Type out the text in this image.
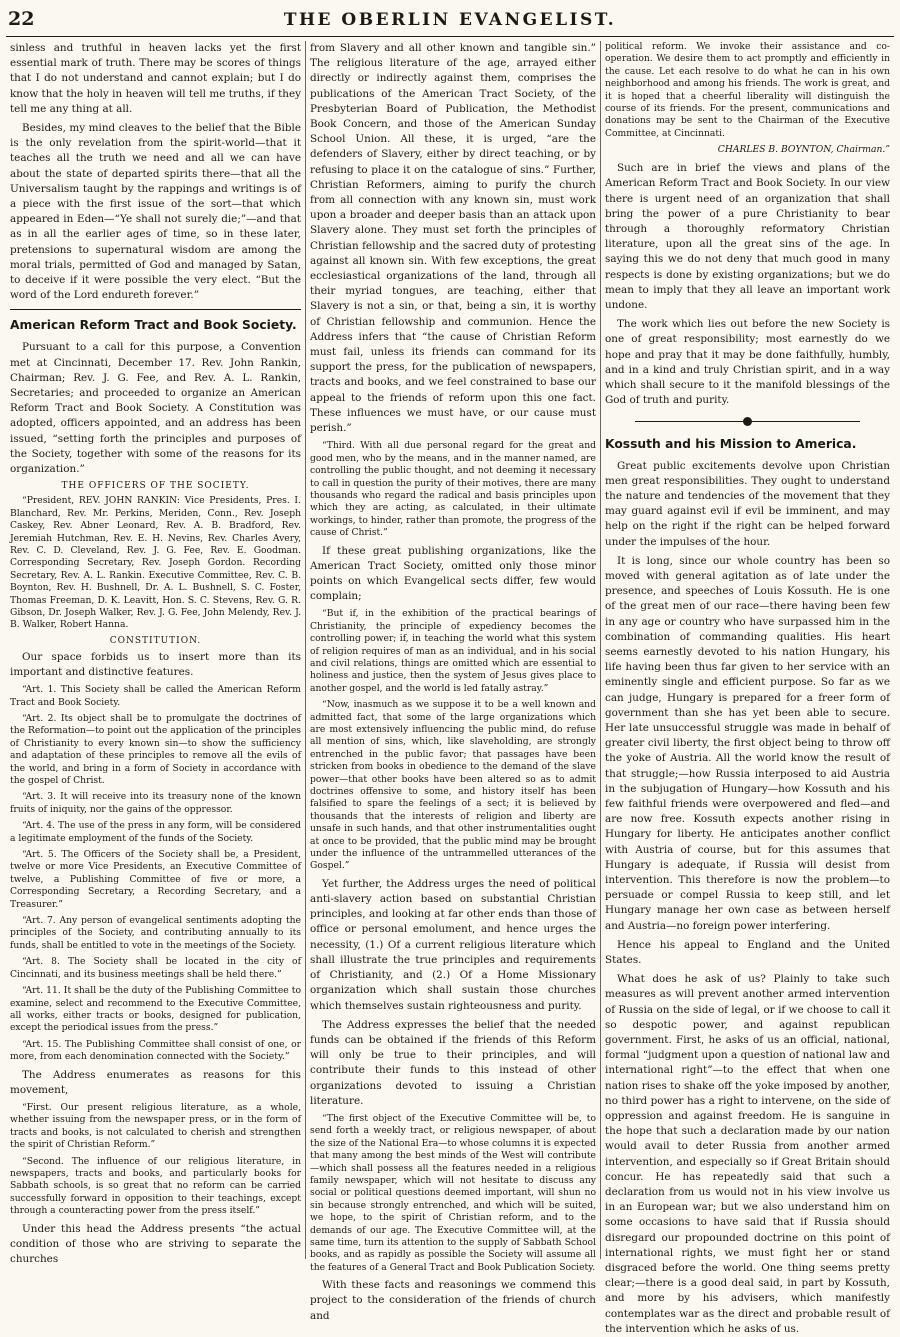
22	THE OBERLIN EVANGELIST.

sinless and truthful in heaven lacks yet the first essential mark of truth. There may be scores of things that I do not understand and cannot explain; but I do know that the holy in heaven will tell me truths, if they tell me any thing at all.

Besides, my mind cleaves to the belief that the Bible is the only revelation from the spirit-world—that it teaches all the truth we need and all we can have about the state of departed spirits there—that all the Universalism taught by the rappings and writings is of a piece with the first issue of the sort—that which appeared in Eden—“Ye shall not surely die;”—and that as in all the earlier ages of time, so in these later, pretensions to supernatural wisdom are among the moral trials, permitted of God and managed by Satan, to deceive if it were possible the very elect. “But the word of the Lord endureth forever.”

American Reform Tract and Book Society.

Pursuant to a call for this purpose, a Convention met at Cincinnati, December 17. Rev. John Rankin, Chairman; Rev. J. G. Fee, and Rev. A. L. Rankin, Secretaries; and proceeded to organize an American Reform Tract and Book Society. A Constitution was adopted, officers appointed, and an address has been issued, “setting forth the principles and purposes of the Society, together with some of the reasons for its organization.”

THE OFFICERS OF THE SOCIETY.

“President, REV. JOHN RANKIN: Vice Presidents, Pres. I. Blanchard, Rev. Mr. Perkins, Meriden, Conn., Rev. Joseph Caskey, Rev. Abner Leonard, Rev. A. B. Bradford, Rev. Jeremiah Hutchman, Rev. E. H. Nevins, Rev. Charles Avery, Rev. C. D. Cleveland, Rev. J. G. Fee, Rev. E. Goodman. Corresponding Secretary, Rev. Joseph Gordon. Recording Secretary, Rev. A. L. Rankin. Executive Committee, Rev. C. B. Boynton, Rev. H. Bushnell, Dr. A. L. Bushnell, S. C. Foster, Thomas Freeman, D. K. Leavitt, Hon. S. C. Stevens, Rev. G. R. Gibson, Dr. Joseph Walker, Rev. J. G. Fee, John Melendy, Rev. J. B. Walker, Robert Hanna.

CONSTITUTION.

Our space forbids us to insert more than its important and distinctive features.

“Art. 1. This Society shall be called the American Reform Tract and Book Society.

“Art. 2. Its object shall be to promulgate the doctrines of the Reformation—to point out the application of the principles of Christianity to every known sin—to show the sufficiency and adaptation of these principles to remove all the evils of the world, and bring in a form of Society in accordance with the gospel of Christ.

“Art. 3. It will receive into its treasury none of the known fruits of iniquity, nor the gains of the oppressor.

“Art. 4. The use of the press in any form, will be considered a legitimate employment of the funds of the Society.

“Art. 5. The Officers of the Society shall be, a President, twelve or more Vice Presidents, an Executive Committee of twelve, a Publishing Committee of five or more, a Corresponding Secretary, a Recording Secretary, and a Treasurer.”

“Art. 7. Any person of evangelical sentiments adopting the principles of the Society, and contributing annually to its funds, shall be entitled to vote in the meetings of the Society.

“Art. 8. The Society shall be located in the city of Cincinnati, and its business meetings shall be held there.”

“Art. 11. It shall be the duty of the Publishing Committee to examine, select and recommend to the Executive Committee, all works, either tracts or books, designed for publication, except the periodical issues from the press.”

“Art. 15. The Publishing Committee shall consist of one, or more, from each denomination connected with the Society.”

The Address enumerates as reasons for this movement,

“First. Our present religious literature, as a whole, whether issuing from the newspaper press, or in the form of tracts and books, is not calculated to cherish and strengthen the spirit of Christian Reform.”

“Second. The influence of our religious literature, in newspapers, tracts and books, and particularly books for Sabbath schools, is so great that no reform can be carried successfully forward in opposition to their teachings, except through a counteracting power from the press itself.”

Under this head the Address presents “the actual condition of those who are striving to separate the churches

from Slavery and all other known and tangible sin.” The religious literature of the age, arrayed either directly or indirectly against them, comprises the publications of the American Tract Society, of the Presbyterian Board of Publication, the Methodist Book Concern, and those of the American Sunday School Union. All these, it is urged, “are the defenders of Slavery, either by direct teaching, or by refusing to place it on the catalogue of sins.” Further, Christian Reformers, aiming to purify the church from all connection with any known sin, must work upon a broader and deeper basis than an attack upon Slavery alone. They must set forth the principles of Christian fellowship and the sacred duty of protesting against all known sin. With few exceptions, the great ecclesiastical organizations of the land, through all their myriad tongues, are teaching, either that Slavery is not a sin, or that, being a sin, it is worthy of Christian fellowship and communion. Hence the Address infers that “the cause of Christian Reform must fail, unless its friends can command for its support the press, for the publication of newspapers, tracts and books, and we feel constrained to base our appeal to the friends of reform upon this one fact. These influences we must have, or our cause must perish.”

“Third. With all due personal regard for the great and good men, who by the means, and in the manner named, are controlling the public thought, and not deeming it necessary to call in question the purity of their motives, there are many thousands who regard the radical and basis principles upon which they are acting, as calculated, in their ultimate workings, to hinder, rather than promote, the progress of the cause of Christ.”

If these great publishing organizations, like the American Tract Society, omitted only those minor points on which Evangelical sects differ, few would complain;

“But if, in the exhibition of the practical bearings of Christianity, the principle of expediency becomes the controlling power; if, in teaching the world what this system of religion requires of man as an individual, and in his social and civil relations, things are omitted which are essential to holiness and justice, then the system of Jesus gives place to another gospel, and the world is led fatally astray.”

“Now, inasmuch as we suppose it to be a well known and admitted fact, that some of the large organizations which are most extensively influencing the public mind, do refuse all mention of sins, which, like slaveholding, are strongly entrenched in the public favor; that passages have been stricken from books in obedience to the demand of the slave power—that other books have been altered so as to admit doctrines offensive to some, and history itself has been falsified to spare the feelings of a sect; it is believed by thousands that the interests of religion and liberty are unsafe in such hands, and that other instrumentalities ought at once to be provided, that the public mind may be brought under the influence of the untrammelled utterances of the Gospel.”

Yet further, the Address urges the need of political anti-slavery action based on substantial Christian principles, and looking at far other ends than those of office or personal emolument, and hence urges the necessity, (1.) Of a current religious literature which shall illustrate the true principles and requirements of Christianity, and (2.) Of a Home Missionary organization which shall sustain those churches which themselves sustain righteousness and purity.

The Address expresses the belief that the needed funds can be obtained if the friends of this Reform will only be true to their principles, and will contribute their funds to this instead of other organizations devoted to issuing a Christian literature.

“The first object of the Executive Committee will be, to send forth a weekly tract, or religious newspaper, of about the size of the National Era—to whose columns it is expected that many among the best minds of the West will contribute—which shall possess all the features needed in a religious family newspaper, which will not hesitate to discuss any social or political questions deemed important, will shun no sin because strongly entrenched, and which will be suited, we hope, to the spirit of Christian reform, and to the demands of our age. The Executive Committee will, at the same time, turn its attention to the supply of Sabbath School books, and as rapidly as possible the Society will assume all the features of a General Tract and Book Publication Society.

With these facts and reasonings we commend this project to the consideration of the friends of church and

political reform. We invoke their assistance and co-operation. We desire them to act promptly and efficiently in the cause. Let each resolve to do what he can in his own neighborhood and among his friends. The work is great, and it is hoped that a cheerful liberality will distinguish the course of its friends. For the present, communications and donations may be sent to the Chairman of the Executive Committee, at Cincinnati.

CHARLES B. BOYNTON, Chairman.”

Such are in brief the views and plans of the American Reform Tract and Book Society. In our view there is urgent need of an organization that shall bring the power of a pure Christianity to bear through a thoroughly reformatory Christian literature, upon all the great sins of the age. In saying this we do not deny that much good in many respects is done by existing organizations; but we do mean to imply that they all leave an important work undone.

The work which lies out before the new Society is one of great responsibility; most earnestly do we hope and pray that it may be done faithfully, humbly, and in a kind and truly Christian spirit, and in a way which shall secure to it the manifold blessings of the God of truth and purity.

Kossuth and his Mission to America.

Great public excitements devolve upon Christian men great responsibilities. They ought to understand the nature and tendencies of the movement that they may guard against evil if evil be imminent, and may help on the right if the right can be helped forward under the impulses of the hour.

It is long, since our whole country has been so moved with general agitation as of late under the presence, and speeches of Louis Kossuth. He is one of the great men of our race—there having been few in any age or country who have surpassed him in the combination of commanding qualities. His heart seems earnestly devoted to his nation Hungary, his life having been thus far given to her service with an eminently single and efficient purpose. So far as we can judge, Hungary is prepared for a freer form of government than she has yet been able to secure. Her late unsuccessful struggle was made in behalf of greater civil liberty, the first object being to throw off the yoke of Austria. All the world know the result of that struggle;—how Russia interposed to aid Austria in the subjugation of Hungary—how Kossuth and his few faithful friends were overpowered and fled—and are now free. Kossuth expects another rising in Hungary for liberty. He anticipates another conflict with Austria of course, but for this assumes that Hungary is adequate, if Russia will desist from intervention. This therefore is now the problem—to persuade or compel Russia to keep still, and let Hungary manage her own case as between herself and Austria—no foreign power interfering.

Hence his appeal to England and the United States.

What does he ask of us? Plainly to take such measures as will prevent another armed intervention of Russia on the side of legal, or if we choose to call it so despotic power, and against republican government. First, he asks of us an official, national, formal “judgment upon a question of national law and international right”—to the effect that when one nation rises to shake off the yoke imposed by another, no third power has a right to intervene, on the side of oppression and against freedom. He is sanguine in the hope that such a declaration made by our nation would avail to deter Russia from another armed intervention, and especially so if Great Britain should concur. He has repeatedly said that such a declaration from us would not in his view involve us in an European war; but we also understand him on some occasions to have said that if Russia should disregard our propounded doctrine on this point of international rights, we must fight her or stand disgraced before the world. One thing seems pretty clear;—there is a good deal said, in part by Kossuth, and more by his advisers, which manifestly contemplates war as the direct and probable result of the intervention which he asks of us.
